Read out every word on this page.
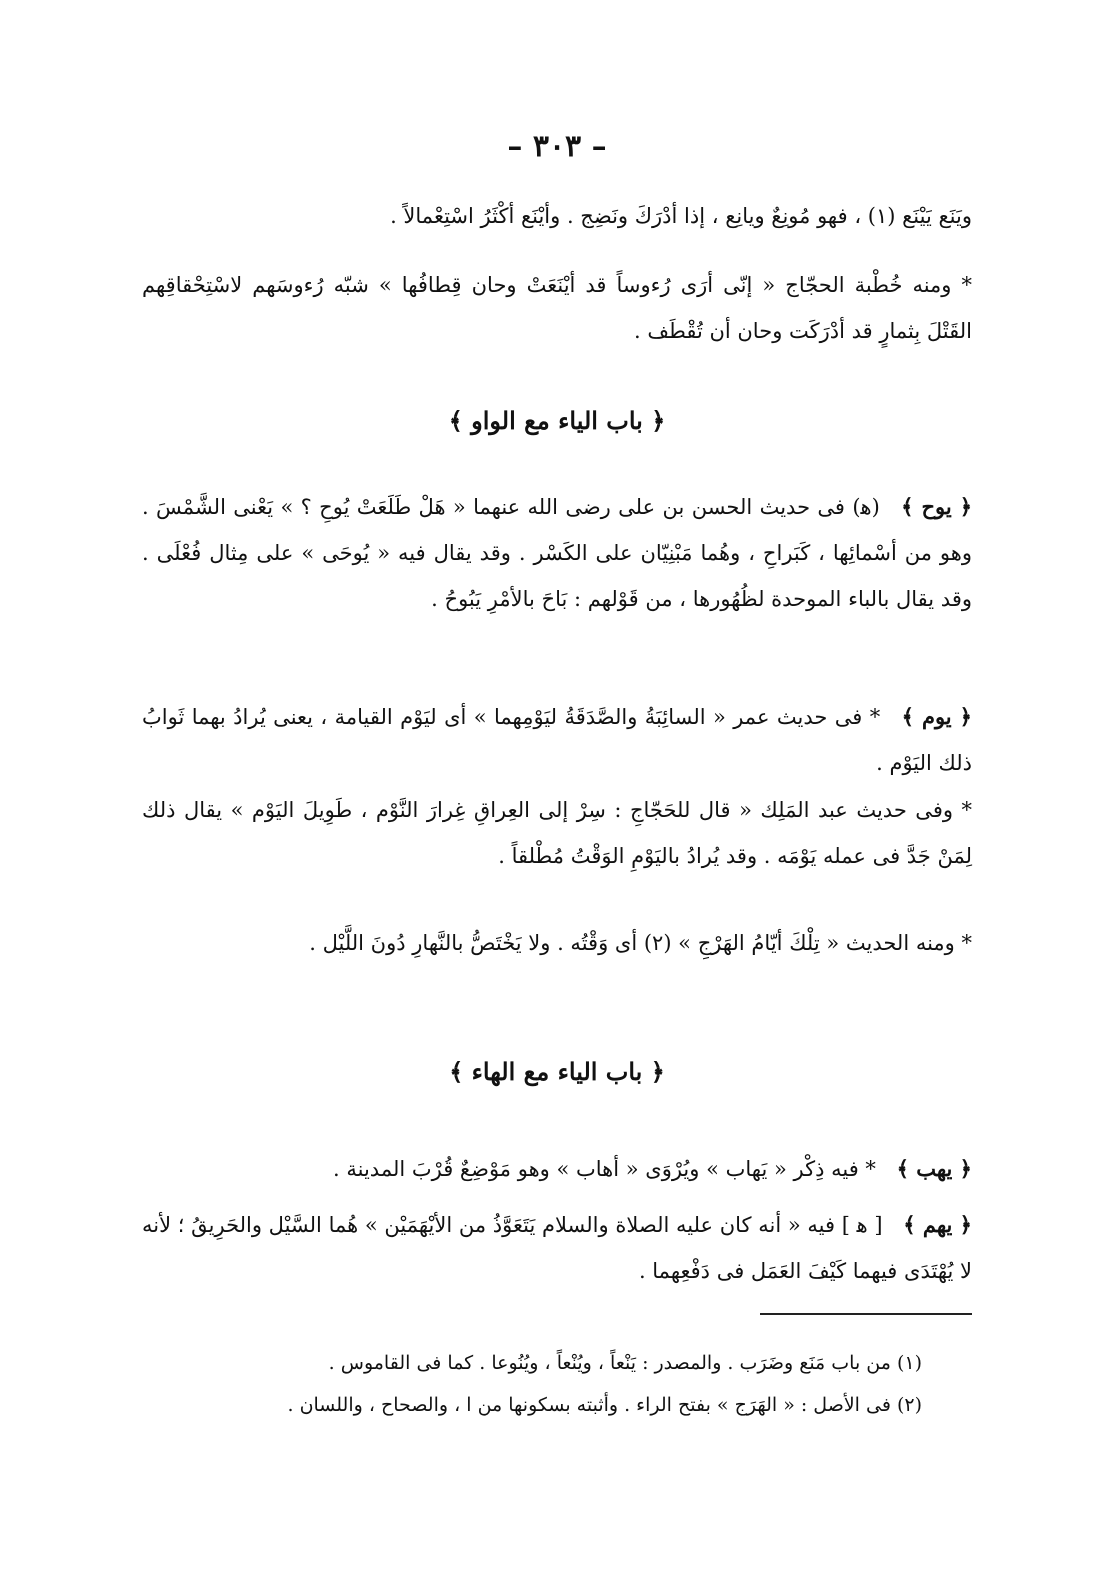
– ٣٠٣ –
ويَنَع يَيْنَع (١) ، فهو مُونِعٌ ويانِع ، إذا أدْرَكَ ونَضِج . وأيْنَع أكْثَرُ اسْتِعْمالاً .
* ومنه خُطْبة الحجّاج « إنّى أرَى رُءوساً قد أيْنَعَتْ وحان قِطافُها » شبّه رُءوسَهم لاسْتِحْقاقِهم القَتْلَ بِثمارٍ قد أدْرَكَت وحان أن تُقْطَف .
﴿ باب الياء مع الواو ﴾
﴿ يوح ﴾ (ﻫ) فى حديث الحسن بن على رضى الله عنهما « هَلْ طَلَعَتْ يُوحِ ؟ » يَعْنى الشَّمْسَ . وهو من أسْمائِها ، كَبَراحِ ، وهُما مَبْنِيّان على الكَسْر . وقد يقال فيه « يُوحَى » على مِثال فُعْلَى . وقد يقال بالباء الموحدة لظُهُورها ، من قَوْلهم : بَاحَ بالأمْرِ يَبُوحُ .
﴿ يوم ﴾ * فى حديث عمر « السائِبَةُ والصَّدَقَةُ ليَوْمِهما » أى ليَوْم القيامة ، يعنى يُرادُ بهما ثَوابُ ذلك اليَوْم .
* وفى حديث عبد المَلِك « قال للحَجّاجِ : سِرْ إلى العِراقِ غِرارَ النَّوْم ، طَوِيلَ اليَوْم » يقال ذلك لِمَنْ جَدَّ فى عمله يَوْمَه . وقد يُرادُ باليَوْمِ الوَقْتُ مُطْلقاً .
* ومنه الحديث « تِلْكَ أيّامُ الهَرْجِ » (٢) أى وَقْتُه . ولا يَخْتَصُّ بالنَّهارِ دُونَ اللَّيْل .
﴿ باب الياء مع الهاء ﴾
﴿ يهب ﴾ * فيه ذِكْر « يَهاب » ويُرْوَى « أهاب » وهو مَوْضِعٌ قُرْبَ المدينة .
﴿ يهم ﴾ [ ﻫ ] فيه « أنه كان عليه الصلاة والسلام يَتَعَوَّذُ من الأيْهَمَيْن » هُما السَّيْل والحَرِيقُ ؛ لأنه لا يُهْتَدَى فيهما كَيْفَ العَمَل فى دَفْعِهما .
(١) من باب مَنَع وضَرَب . والمصدر : يَنْعاً ، ويُنْعاً ، ويُنُوعا . كما فى القاموس .
(٢) فى الأصل : « الهَرَج » بفتح الراء . وأثبته بسكونها من ا ، والصحاح ، واللسان .
